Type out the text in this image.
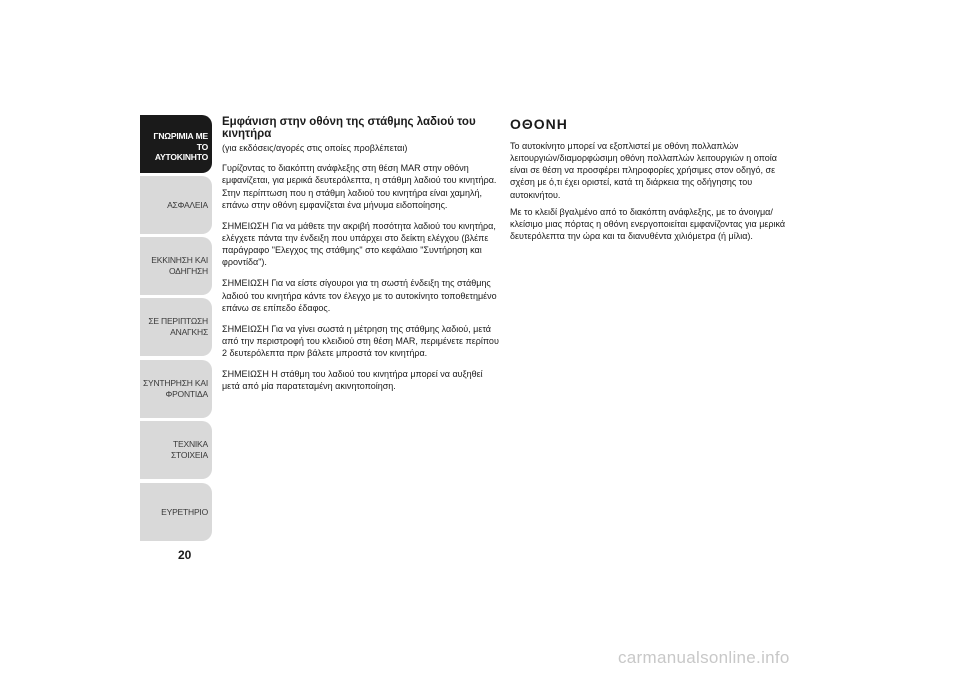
ΓΝΩΡΙΜΙΑ ΜΕ ΤΟ
ΑΥΤΟΚΙΝΗΤΟ
ΑΣΦΑΛΕΙΑ
ΕΚΚΙΝΗΣΗ ΚΑΙ
ΟΔΗΓΗΣΗ
ΣΕ ΠΕΡΙΠΤΩΣΗ
ΑΝΑΓΚΗΣ
ΣΥΝΤΗΡΗΣΗ ΚΑΙ
ΦΡΟΝΤΙΔΑ
ΤΕΧΝΙΚΑ ΣΤΟΙΧΕΙΑ
ΕΥΡΕΤΗΡΙΟ
20
Εμφάνιση στην οθόνη της στάθμης λαδιού του κινητήρα

(για εκδόσεις/αγορές στις οποίες προβλέπεται)

Γυρίζοντας το διακόπτη ανάφλεξης στη θέση MAR στην οθόνη εμφανίζεται, για μερικά δευτερόλεπτα, η στάθμη λαδιού του κινητήρα. Στην περίπτωση που η στάθμη λαδιού του κινητήρα είναι χαμηλή, επάνω στην οθόνη εμφανίζεται ένα μήνυμα ειδοποίησης.

ΣΗΜΕΙΩΣΗ Για να μάθετε την ακριβή ποσότητα λαδιού του κινητήρα, ελέγχετε πάντα την ένδειξη που υπάρχει στο δείκτη ελέγχου (βλέπε παράγραφο "Ελεγχος της στάθμης" στο κεφάλαιο "Συντήρηση και φροντίδα").

ΣΗΜΕΙΩΣΗ Για να είστε σίγουροι για τη σωστή ένδειξη της στάθμης λαδιού του κινητήρα κάντε τον έλεγχο με το αυτοκίνητο τοποθετημένο επάνω σε επίπεδο έδαφος.

ΣΗΜΕΙΩΣΗ Για να γίνει σωστά η μέτρηση της στάθμης λαδιού, μετά από την περιστροφή του κλειδιού στη θέση MAR, περιμένετε περίπου 2 δευτερόλεπτα πριν βάλετε μπροστά τον κινητήρα.

ΣΗΜΕΙΩΣΗ Η στάθμη του λαδιού του κινητήρα μπορεί να αυξηθεί μετά από μία παρατεταμένη ακινητοποίηση.

ΟΘΟΝΗ

Το αυτοκίνητο μπορεί να εξοπλιστεί με οθόνη πολλαπλών λειτουργιών/διαμορφώσιμη οθόνη πολλαπλών λειτουργιών η οποία είναι σε θέση να προσφέρει πληροφορίες χρήσιμες στον οδηγό, σε σχέση με ό,τι έχει οριστεί, κατά τη διάρκεια της οδήγησης του αυτοκινήτου.

Με το κλειδί βγαλμένο από το διακόπτη ανάφλεξης, με το άνοιγμα/κλείσιμο μιας πόρτας η οθόνη ενεργοποιείται εμφανίζοντας για μερικά δευτερόλεπτα την ώρα και τα διανυθέντα χιλιόμετρα (ή μίλια).

carmanualsonline.info
